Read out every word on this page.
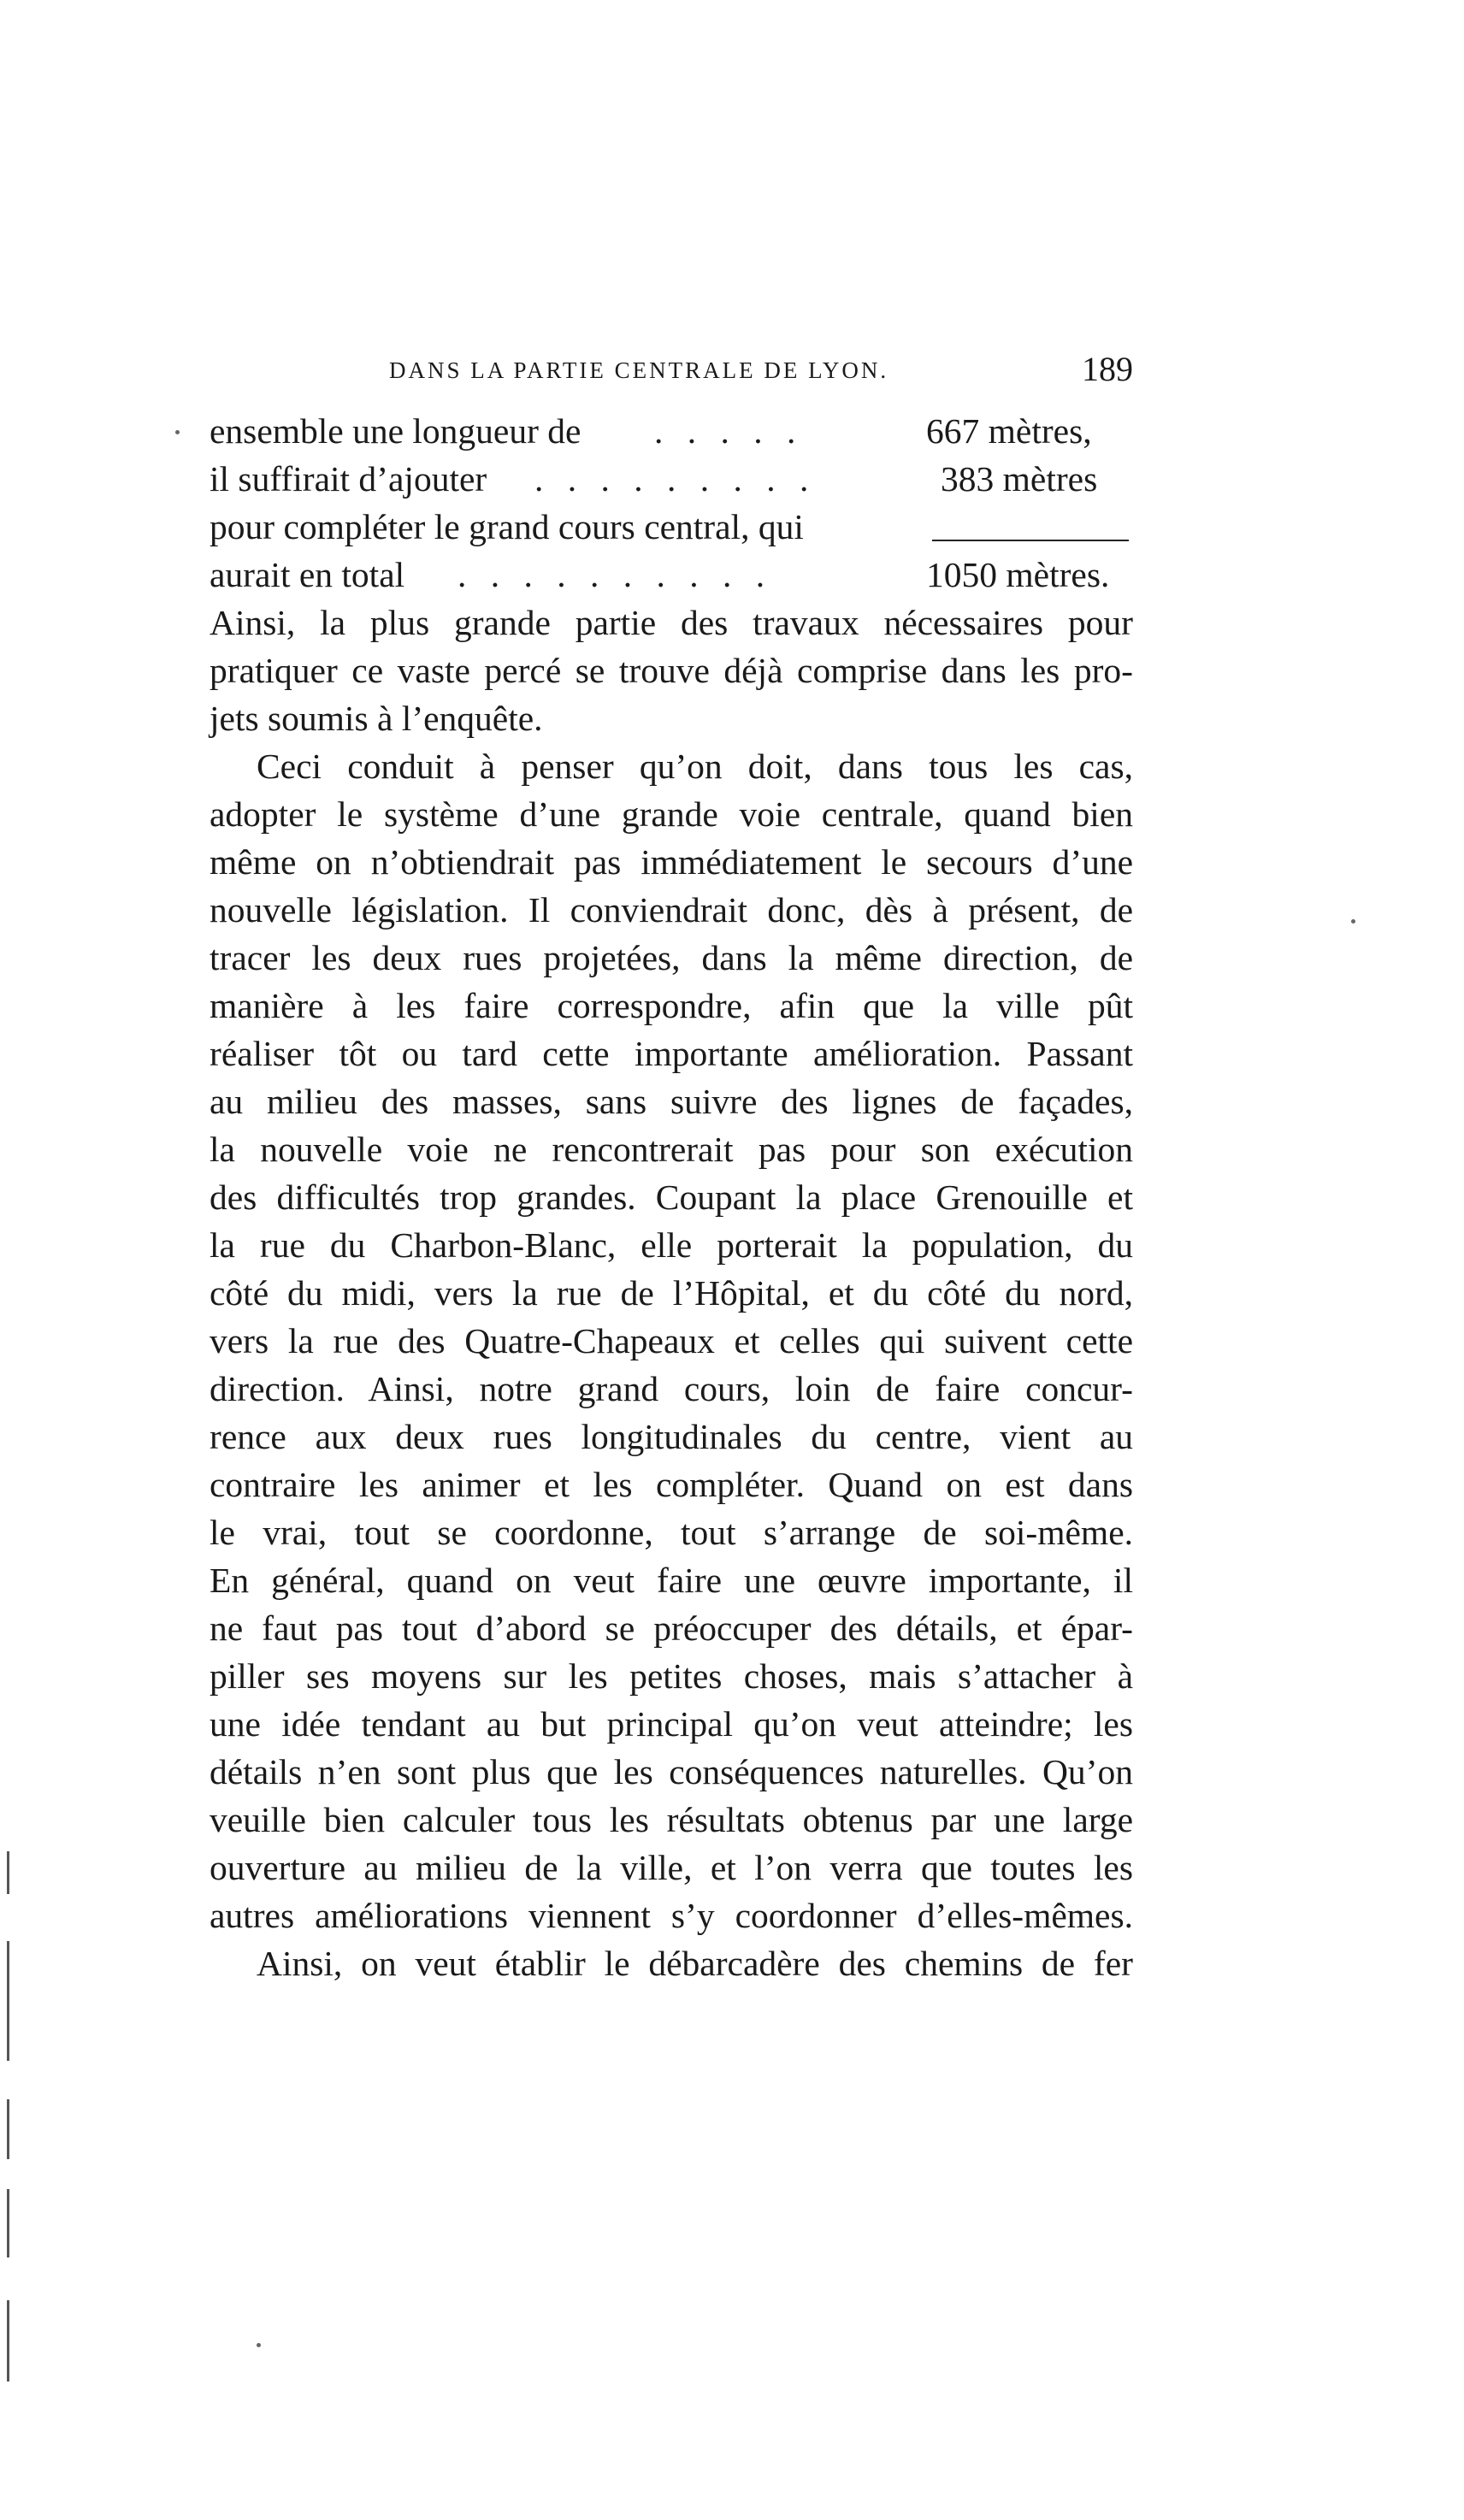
DANS LA PARTIE CENTRALE DE LYON.	189
ensemble une longueur de . . . . .	667 mètres,
il suffirait d’ajouter . . . . . . . . .	383 mètres
pour compléter le grand cours central, qui
aurait en total . . . . . . . . . .	1050 mètres.
Ainsi, la plus grande partie des travaux nécessaires pour
pratiquer ce vaste percé se trouve déjà comprise dans les pro-
jets soumis à l’enquête.
Ceci conduit à penser qu’on doit, dans tous les cas,
adopter le système d’une grande voie centrale, quand bien
même on n’obtiendrait pas immédiatement le secours d’une
nouvelle législation. Il conviendrait donc, dès à présent, de
tracer les deux rues projetées, dans la même direction, de
manière à les faire correspondre, afin que la ville pût
réaliser tôt ou tard cette importante amélioration. Passant
au milieu des masses, sans suivre des lignes de façades,
la nouvelle voie ne rencontrerait pas pour son exécution
des difficultés trop grandes. Coupant la place Grenouille et
la rue du Charbon-Blanc, elle porterait la population, du
côté du midi, vers la rue de l’Hôpital, et du côté du nord,
vers la rue des Quatre-Chapeaux et celles qui suivent cette
direction. Ainsi, notre grand cours, loin de faire concur-
rence aux deux rues longitudinales du centre, vient au
contraire les animer et les compléter. Quand on est dans
le vrai, tout se coordonne, tout s’arrange de soi-même.
En général, quand on veut faire une œuvre importante, il
ne faut pas tout d’abord se préoccuper des détails, et épar-
piller ses moyens sur les petites choses, mais s’attacher à
une idée tendant au but principal qu’on veut atteindre; les
détails n’en sont plus que les conséquences naturelles. Qu’on
veuille bien calculer tous les résultats obtenus par une large
ouverture au milieu de la ville, et l’on verra que toutes les
autres améliorations viennent s’y coordonner d’elles-mêmes.
Ainsi, on veut établir le débarcadère des chemins de fer
